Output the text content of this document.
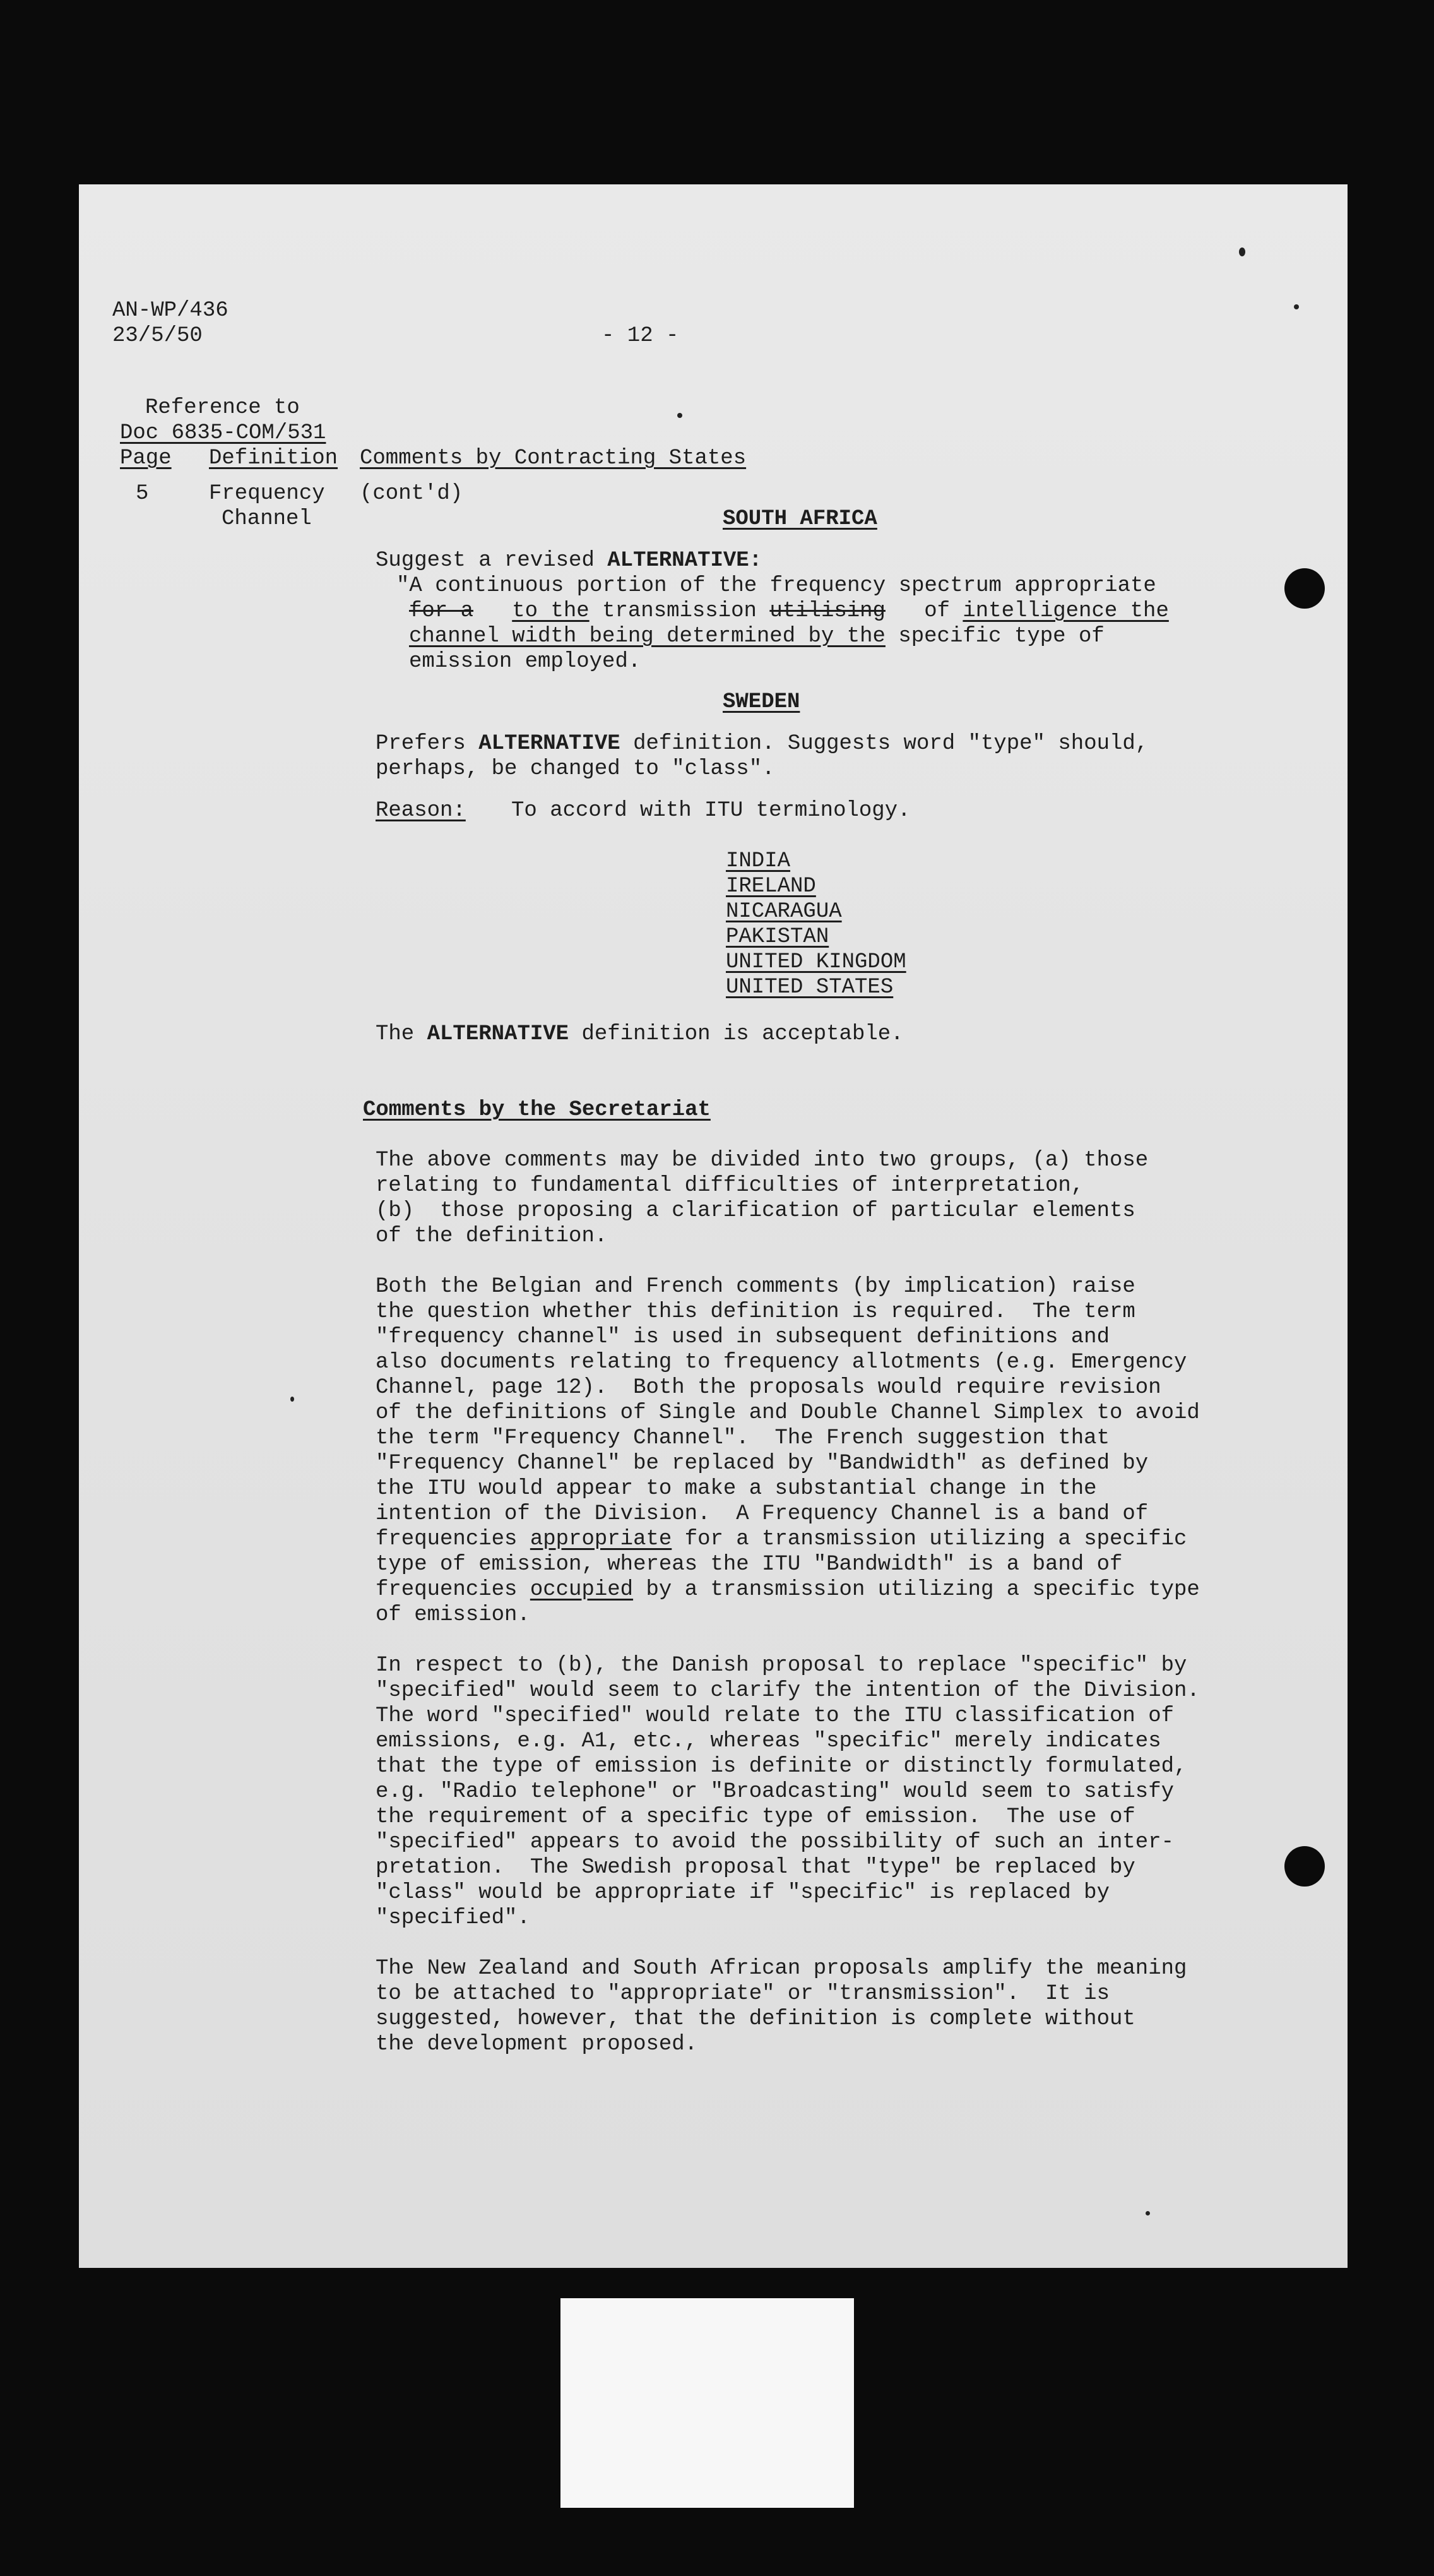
AN-WP/436
23/5/50	- 12 -
Reference to
Doc 6835-COM/531
Page Definition Comments by Contracting States
5	Frequency
Channel
(cont'd)
SOUTH AFRICA
Suggest a revised ALTERNATIVE:
"A continuous portion of the frequency spectrum appropriate
for a to the transmission utilising of intelligence the
channel width being determined by the specific type of
emission employed.
SWEDEN
Prefers ALTERNATIVE definition. Suggests word "type" should,
perhaps, be changed to "class".
Reason: To accord with ITU terminology.
INDIA
IRELAND
NICARAGUA
PAKISTAN
UNITED KINGDOM
UNITED STATES
The ALTERNATIVE definition is acceptable.
Comments by the Secretariat
The above comments may be divided into two groups, (a) those
relating to fundamental difficulties of interpretation,
(b)  those proposing a clarification of particular elements
of the definition.
Both the Belgian and French comments (by implication) raise
the question whether this definition is required.  The term
"frequency channel" is used in subsequent definitions and
also documents relating to frequency allotments (e.g. Emergency
Channel, page 12).  Both the proposals would require revision
of the definitions of Single and Double Channel Simplex to avoid
the term "Frequency Channel".  The French suggestion that
"Frequency Channel" be replaced by "Bandwidth" as defined by
the ITU would appear to make a substantial change in the
intention of the Division.  A Frequency Channel is a band of
frequencies appropriate for a transmission utilizing a specific
type of emission, whereas the ITU "Bandwidth" is a band of
frequencies occupied by a transmission utilizing a specific type
of emission.
In respect to (b), the Danish proposal to replace "specific" by
"specified" would seem to clarify the intention of the Division.
The word "specified" would relate to the ITU classification of
emissions, e.g. A1, etc., whereas "specific" merely indicates
that the type of emission is definite or distinctly formulated,
e.g. "Radio telephone" or "Broadcasting" would seem to satisfy
the requirement of a specific type of emission.  The use of
"specified" appears to avoid the possibility of such an inter-
pretation.  The Swedish proposal that "type" be replaced by
"class" would be appropriate if "specific" is replaced by
"specified".
The New Zealand and South African proposals amplify the meaning
to be attached to "appropriate" or "transmission".  It is
suggested, however, that the definition is complete without
the development proposed.
